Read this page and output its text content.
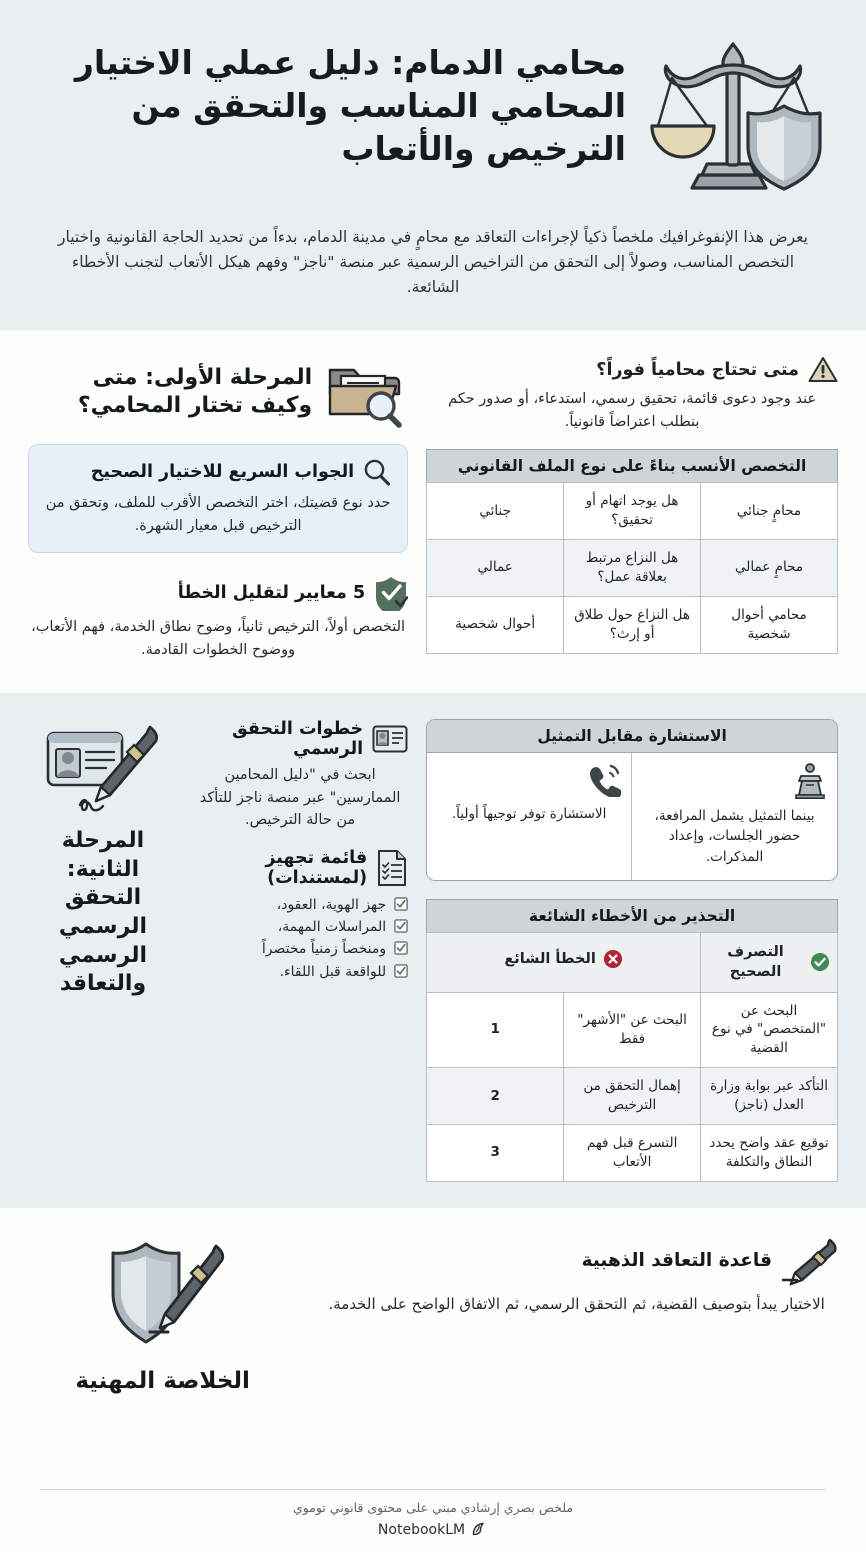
محامي الدمام: دليل عملي الاختيار المحامي المناسب والتحقق من الترخيص والأتعاب
يعرض هذا الإنفوغرافيك ملخصاً ذكياً لإجراءات التعاقد مع محامٍ في مدينة الدمام، بدءاً من تحديد الحاجة القانونية واختيار التخصص المناسب، وصولاً إلى التحقق من التراخيص الرسمية عبر منصة "ناجز" وفهم هيكل الأتعاب لتجنب الأخطاء الشائعة.
متى تحتاج محامياً فوراً؟
عند وجود دعوى قائمة، تحقيق رسمي، استدعاء، أو صدور حكم بنطلب اعتراضاً قانونياً.
التخصص الأنسب بناءً على نوع الملف القانوني
محامٍ جنائي	هل يوجد اتهام أو تحقيق؟	جنائي
محامٍ عمالي	هل النزاع مرتبط بعلاقة عمل؟	عمالي
محامي أحوال شخصية	هل النزاع حول طلاق أو إرث؟	أحوال شخصية
المرحلة الأولى: متى وكيف تختار المحامي؟
الجواب السريع للاختيار الصحيح
حدد نوع قضيتك، اختر التخصص الأقرب للملف، وتحقق من الترخيص قبل معيار الشهرة.
5 معايير لتقليل الخطأ
التخصص أولاً، الترخيص ثانياً، وضوح نطاق الخدمة، فهم الأتعاب، ووضوح الخطوات القادمة.
الاستشارة مقابل التمثيل
بينما التمثيل يشمل المرافعة، حضور الجلسات، وإعداد المذكرات.
الاستشارة توفر توجيهاً أولياً.
التحذير من الأخطاء الشائعة
التصرف الصحيح	الخطأ الشائع	

البحث عن "المتخصص" في نوع القضية	البحث عن "الأشهر" فقط	1
التأكد عبر بوابة وزارة العدل (ناجز)	إهمال التحقق من الترخيص	2
توقيع عقد واضح يحدد النطاق والتكلفة	التسرع قبل فهم الأتعاب	3
خطوات التحقق الرسمي
ابحث في "دليل المحامين الممارسين" عبر منصة ناجز للتأكد من حالة الترخيص.
قائمة تجهيز (لمستندات)
جهز الهوية، العقود،
المراسلات المهمة،
ومنخصاً زمنياً مختصراً
للواقعة قبل اللقاء.
المرحلة الثانية: التحقق الرسمي الرسمي والتعاقد
قاعدة التعاقد الذهبية
الاختيار يبدأ بتوصيف القضية، ثم التحقق الرسمي، ثم الاتفاق الواضح على الخدمة.
الخلاصة المهنية
ملخص بصري إرشادي مبني على محتوى قانوني توموي
NotebookLM
